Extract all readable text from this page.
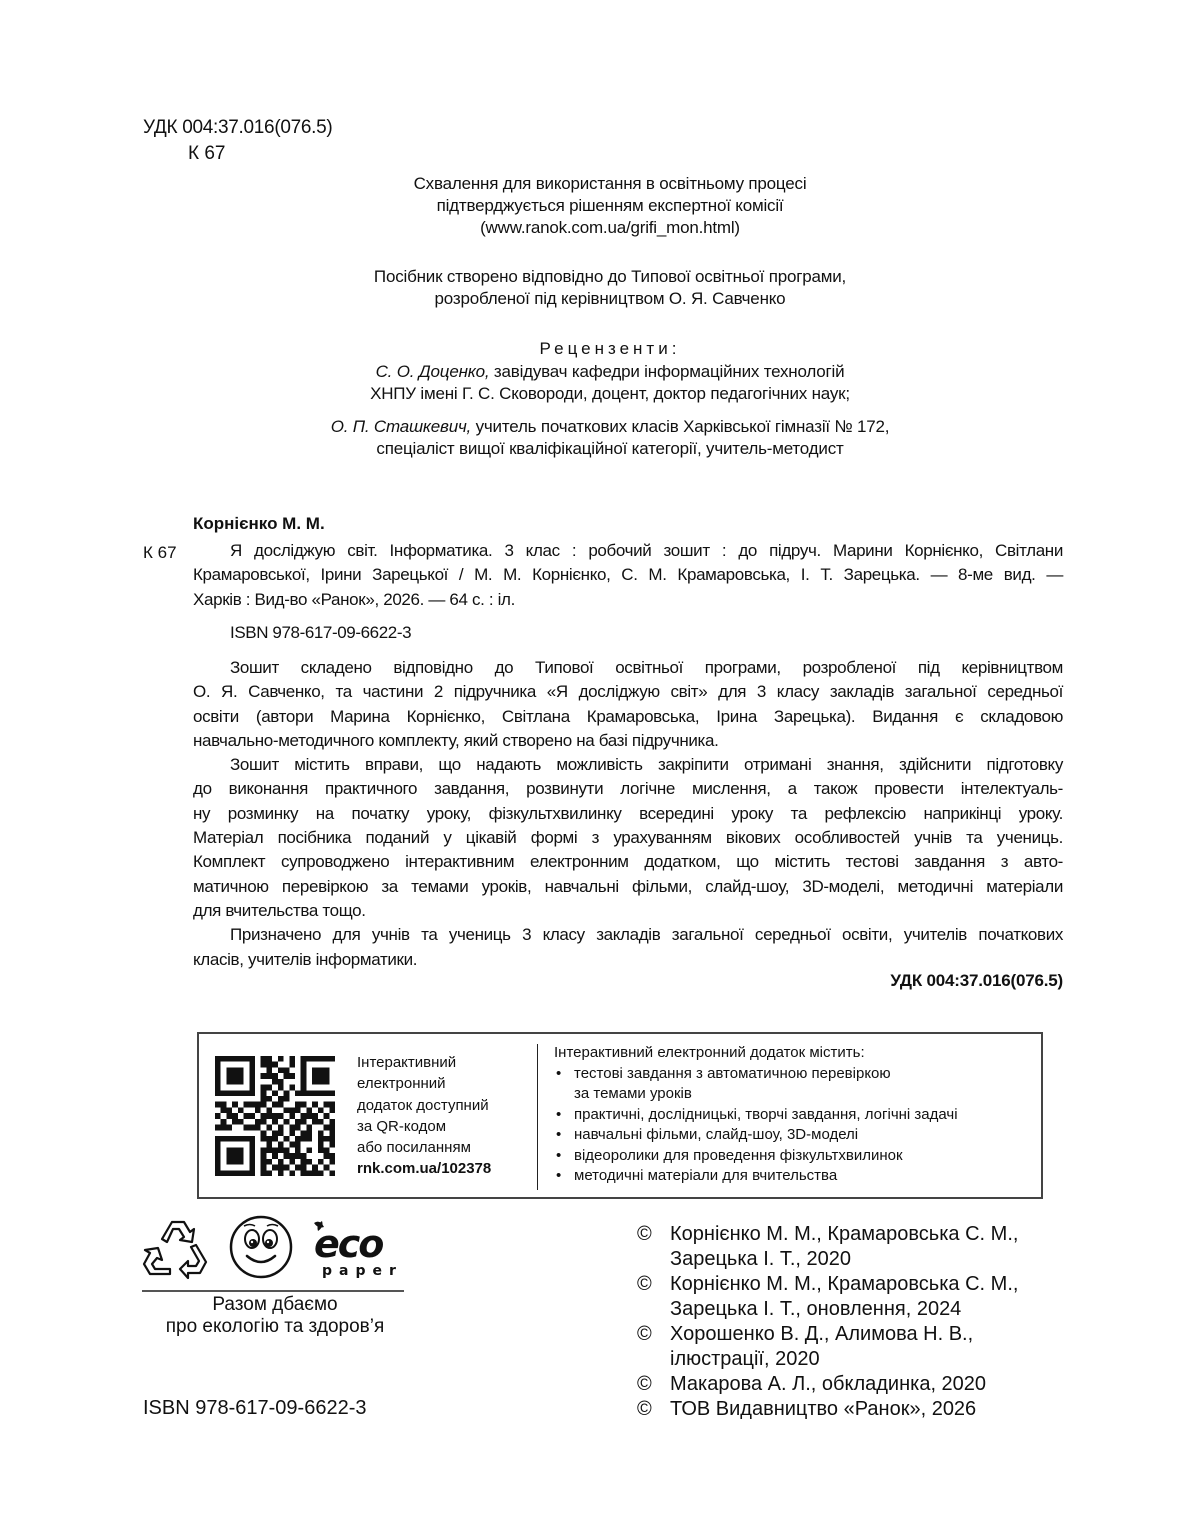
УДК 004:37.016(076.5)
К 67
Схвалення для використання в освітньому процесі
підтверджується рішенням експертної комісії
(www.ranok.com.ua/grifi_mon.html)
Посібник створено відповідно до Типової освітньої програми,
розробленої під керівництвом О. Я. Савченко
Рецензенти:
С. О. Доценко, завідувач кафедри інформаційних технологій
ХНПУ імені Г. С. Сковороди, доцент, доктор педагогічних наук;
О. П. Сташкевич, учитель початкових класів Харківської гімназії № 172,
спеціаліст вищої кваліфікаційної категорії, учитель-методист
Корнієнко М. М.
К 67	Я досліджую світ. Інформатика. 3 клас : робочий зошит : до підруч. Марини Корнієнко, Світлани
Крамаровської, Ірини Зарецької / М. М. Корнієнко, С. М. Крамаровська, І. Т. Зарецька. — 8-ме вид. —
Харків : Вид-во «Ранок», 2026. — 64 с. : іл.
ISBN 978-617-09-6622-3
Зошит складено відповідно до Типової освітньої програми, розробленої під керівництвом
О. Я. Савченко, та частини 2 підручника «Я досліджую світ» для 3 класу закладів загальної середньої
освіти (автори Марина Корнієнко, Світлана Крамаровська, Ірина Зарецька). Видання є складовою
навчально-методичного комплекту, який створено на базі підручника.
Зошит містить вправи, що надають можливість закріпити отримані знання, здійснити підготовку
до виконання практичного завдання, розвинути логічне мислення, а також провести інтелектуаль-
ну розминку на початку уроку, фізкультхвилинку всередині уроку та рефлексію наприкінці уроку.
Матеріал посібника поданий у цікавій формі з урахуванням вікових особливостей учнів та учениць.
Комплект супроводжено інтерактивним електронним додатком, що містить тестові завдання з авто-
матичною перевіркою за темами уроків, навчальні фільми, слайд-шоу, 3D-моделі, методичні матеріали
для вчительства тощо.
Призначено для учнів та учениць 3 класу закладів загальної середньої освіти, учителів початкових
класів, учителів інформатики.
УДК 004:37.016(076.5)
Інтерактивний
електронний
додаток доступний
за QR-кодом
або посиланням
rnk.com.ua/102378
Інтерактивний електронний додаток містить:
• тестові завдання з автоматичною перевіркою
за темами уроків
• практичні, дослідницькі, творчі завдання, логічні задачі
• навчальні фільми, слайд-шоу, 3D-моделі
• відеоролики для проведення фізкультхвилинок
• методичні матеріали для вчительства
eco
paper
Разом дбаємо
про екологію та здоров’я
ISBN 978-617-09-6622-3
© Корнієнко М. М., Крамаровська С. М.,
Зарецька І. Т., 2020
© Корнієнко М. М., Крамаровська С. М.,
Зарецька І. Т., оновлення, 2024
© Хорошенко В. Д., Алимова Н. В.,
ілюстрації, 2020
© Макарова А. Л., обкладинка, 2020
© ТОВ Видавництво «Ранок», 2026
